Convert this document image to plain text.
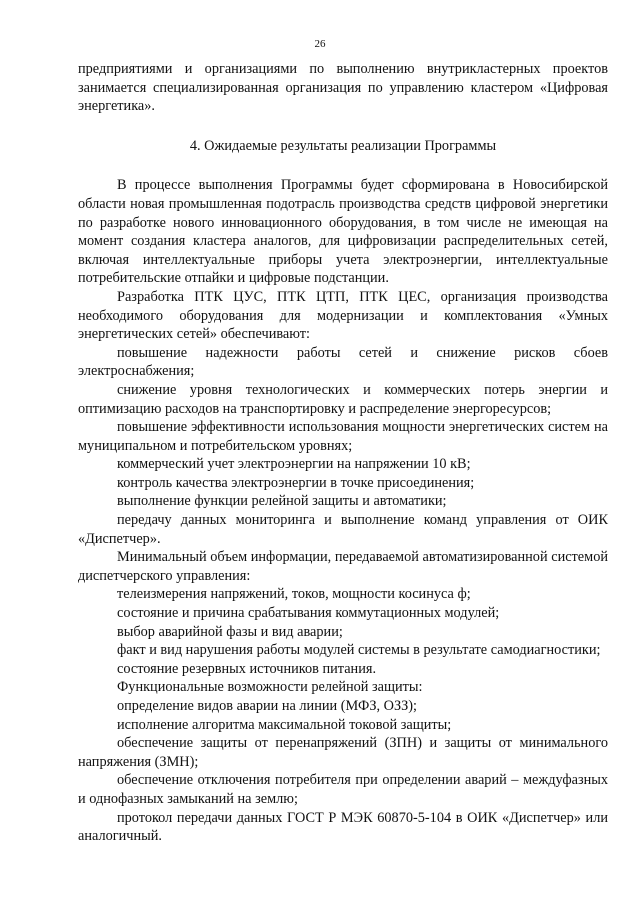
26

предприятиями и организациями по выполнению внутрикластерных проектов занимается специализированная организация по управлению кластером «Цифровая энергетика».

4. Ожидаемые результаты реализации Программы

В процессе выполнения Программы будет сформирована в Новосибирской области новая промышленная подотрасль производства средств цифровой энергетики по разработке нового инновационного оборудования, в том числе не имеющая на момент создания кластера аналогов, для цифровизации распределительных сетей, включая интеллектуальные приборы учета электроэнергии, интеллектуальные потребительские отпайки и цифровые подстанции.

Разработка ПТК ЦУС, ПТК ЦТП, ПТК ЦЕС, организация производства необходимого оборудования для модернизации и комплектования «Умных энергетических сетей» обеспечивают:

повышение надежности работы сетей и снижение рисков сбоев электроснабжения;

снижение уровня технологических и коммерческих потерь энергии и оптимизацию расходов на транспортировку и распределение энергоресурсов;

повышение эффективности использования мощности энергетических систем на муниципальном и потребительском уровнях;

коммерческий учет электроэнергии на напряжении 10 кВ;

контроль качества электроэнергии в точке присоединения;

выполнение функции релейной защиты и автоматики;

передачу данных мониторинга и выполнение команд управления от ОИК «Диспетчер».

Минимальный объем информации, передаваемой автоматизированной системой диспетчерского управления:

телеизмерения напряжений, токов, мощности косинуса ф;

состояние и причина срабатывания коммутационных модулей;

выбор аварийной фазы и вид аварии;

факт и вид нарушения работы модулей системы в результате самодиагностики;

состояние резервных источников питания.

Функциональные возможности релейной защиты:

определение видов аварии на линии (МФЗ, ОЗЗ);

исполнение алгоритма максимальной токовой защиты;

обеспечение защиты от перенапряжений (ЗПН) и защиты от минимального напряжения (ЗМН);

обеспечение отключения потребителя при определении аварий – междуфазных и однофазных замыканий на землю;

протокол передачи данных ГОСТ Р МЭК 60870-5-104 в ОИК «Диспетчер» или аналогичный.
